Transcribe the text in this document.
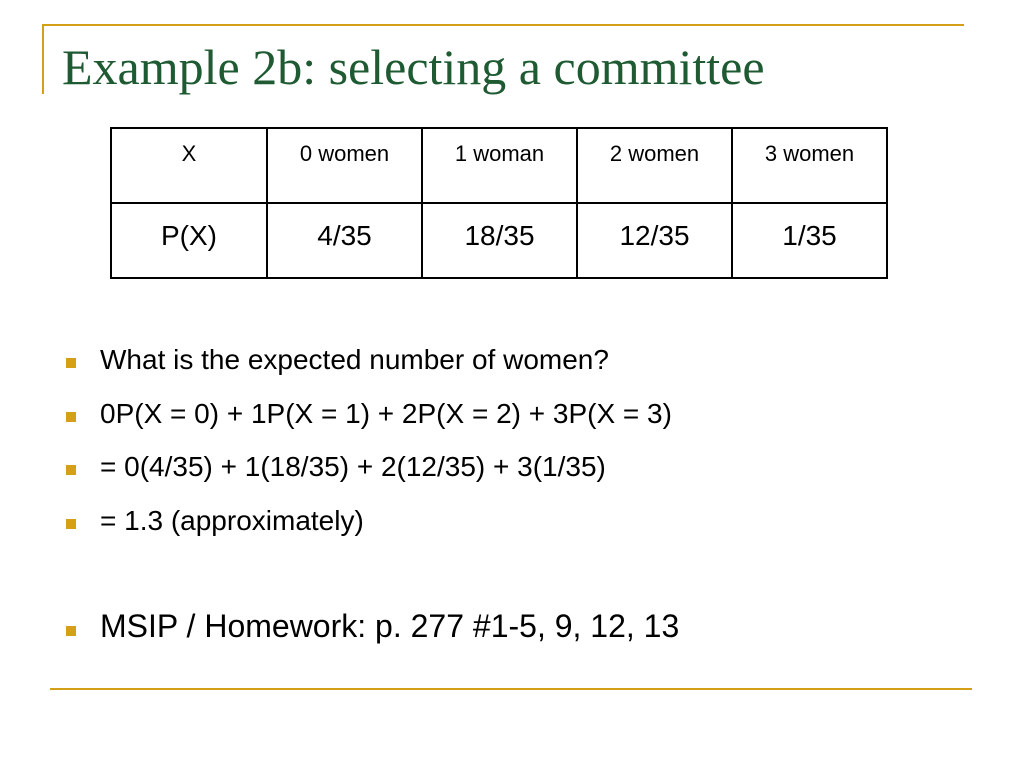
Example 2b: selecting a committee
X	0 women	1 woman	2 women	3 women
P(X)	4/35	18/35	12/35	1/35
What is the expected number of women?
0P(X = 0) + 1P(X = 1) + 2P(X = 2) + 3P(X = 3)
= 0(4/35) + 1(18/35) + 2(12/35) + 3(1/35)
= 1.3 (approximately)
MSIP / Homework: p. 277 #1-5, 9, 12, 13
